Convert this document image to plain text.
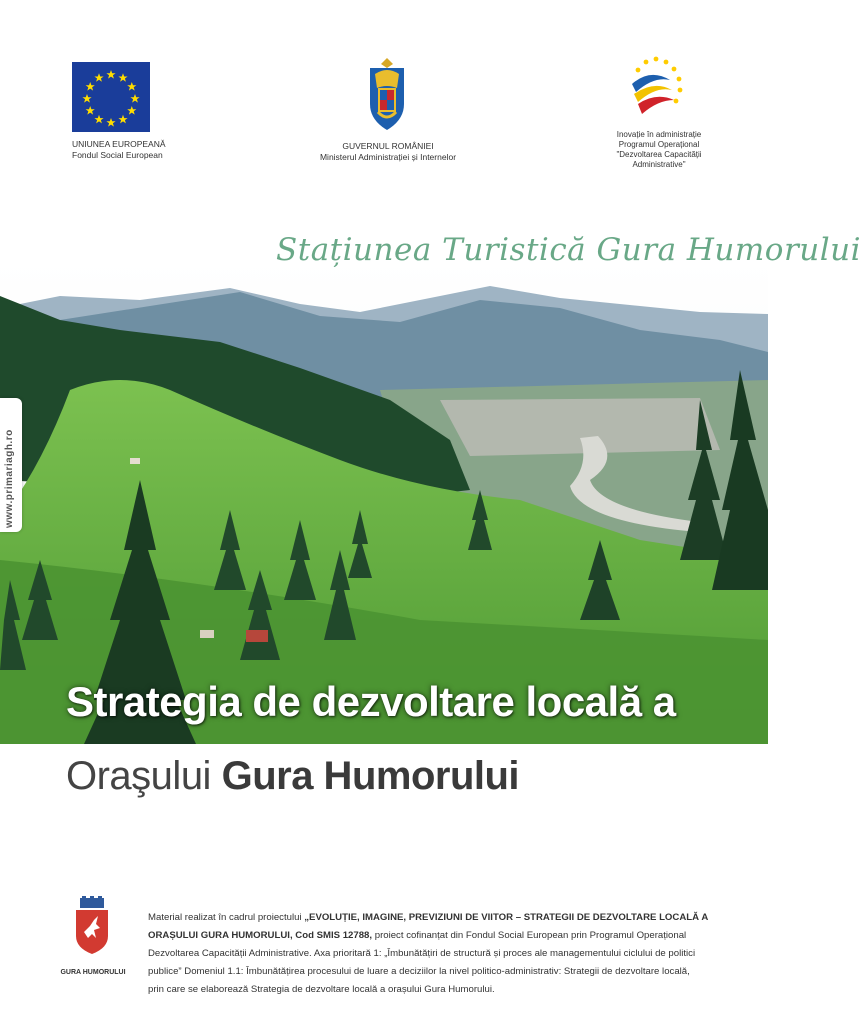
UNIUNEA EUROPEANĂ
Fondul Social European
GUVERNUL ROMÂNIEI
Ministerul Administrației și Internelor
Inovație în administrație
Programul Operațional
"Dezvoltarea Capacității
Administrative"
www.primariagh.ro
Stațiunea Turistică Gura Humorului
Strategia de dezvoltare locală a
Oraşului Gura Humorului
GURA HUMORULUI
Material realizat în cadrul proiectului „EVOLUȚIE, IMAGINE, PREVIZIUNI DE VIITOR – STRATEGII DE DEZVOLTARE LOCALĂ A ORAȘULUI GURA HUMORULUI, Cod SMIS 12788, proiect cofinanțat din Fondul Social European prin Programul Operațional Dezvoltarea Capacității Administrative. Axa prioritară 1: „Îmbunătățiri de structură și proces ale managementului ciclului de politici publice” Domeniul 1.1: Îmbunătățirea procesului de luare a deciziilor la nivel politico-administrativ: Strategii de dezvoltare locală, prin care se elaborează Strategia de dezvoltare locală a orașului Gura Humorului.
